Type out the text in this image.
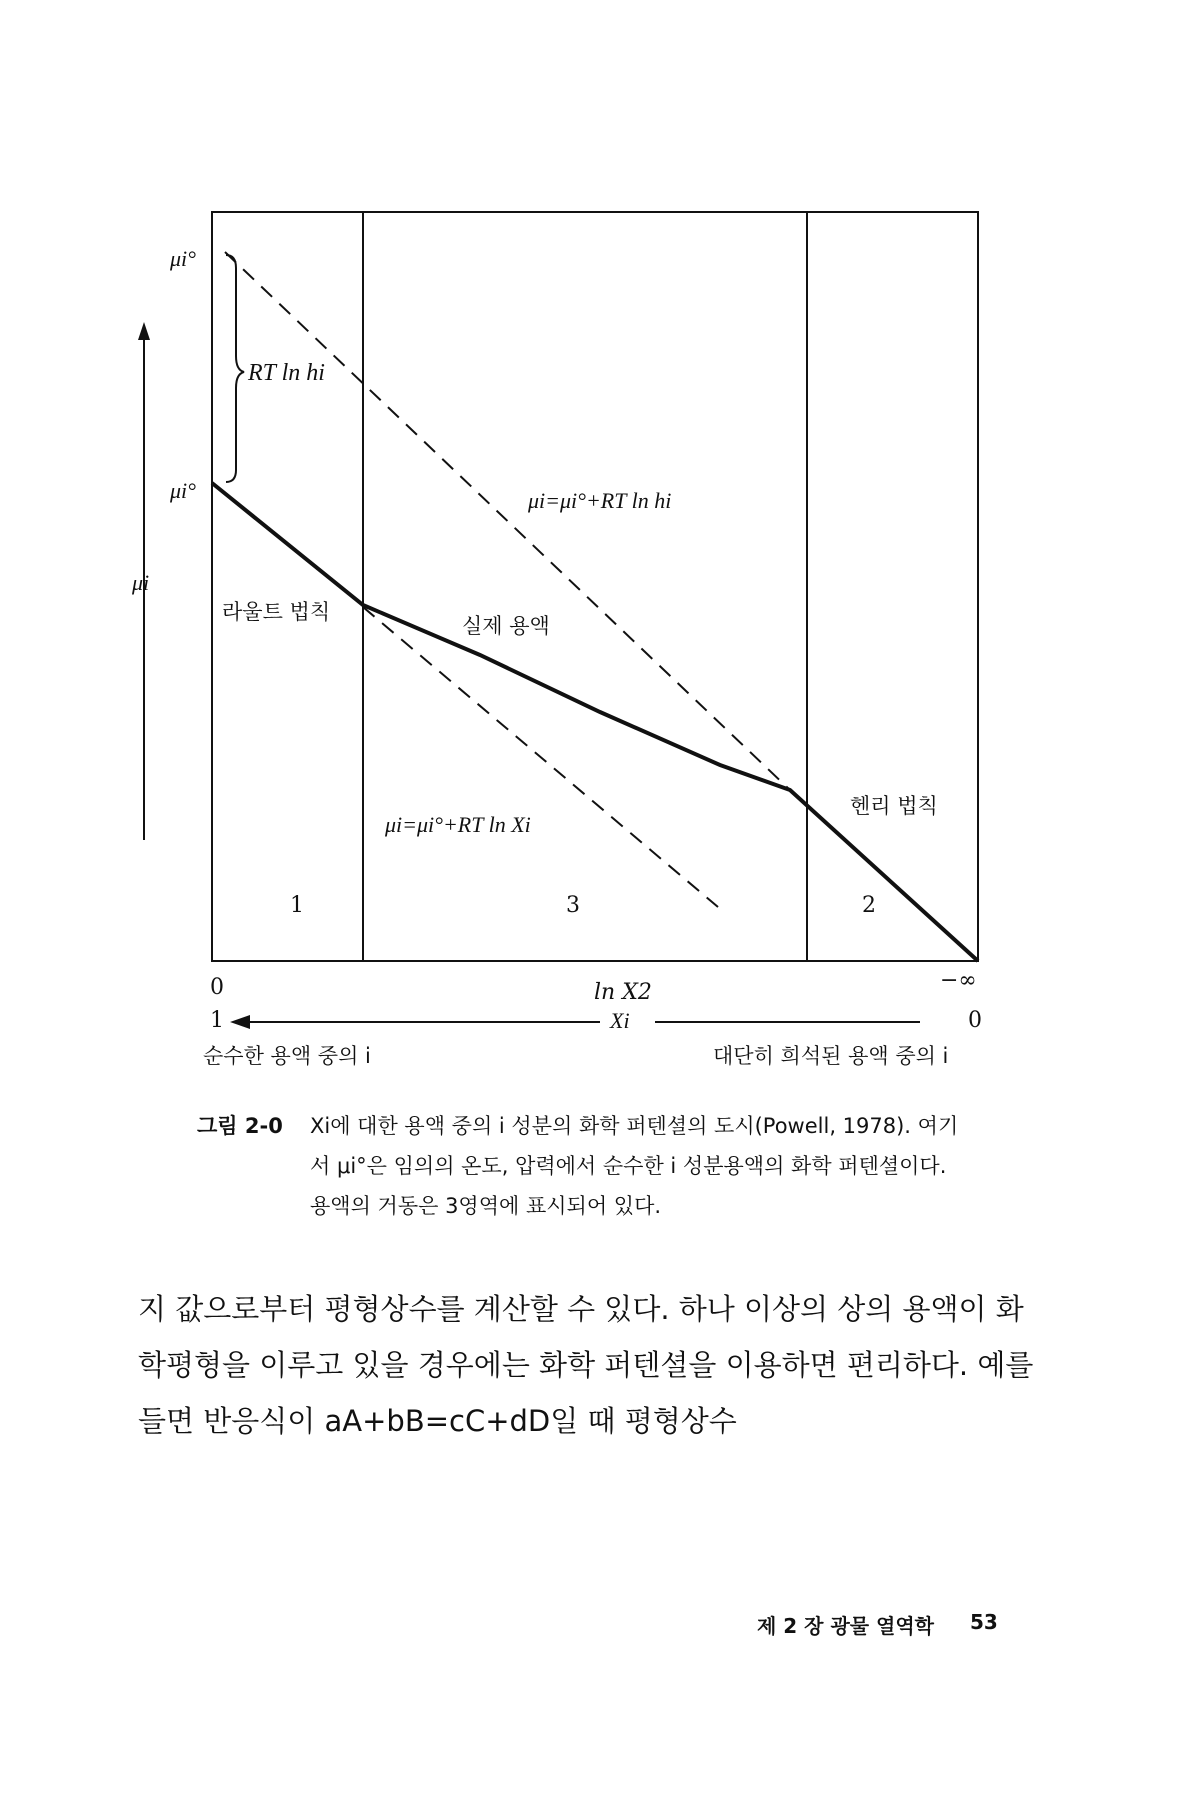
μi°
μi°
μi
RT ln hi
μi=μi°+RT ln hi
라울트 법칙
실제 용액
헨리 법칙
μi=μi°+RT ln Xi
1	3	2
0	ln X2	−∞
1	Xi	0
순수한 용액 중의 i	대단히 희석된 용액 중의 i
그림 2-0 Xi에 대한 용액 중의 i 성분의 화학 퍼텐셜의 도시(Powell, 1978). 여기
서 μi°은 임의의 온도, 압력에서 순수한 i 성분용액의 화학 퍼텐셜이다.
용액의 거동은 3영역에 표시되어 있다.
지 값으로부터 평형상수를 계산할 수 있다. 하나 이상의 상의 용액이 화
학평형을 이루고 있을 경우에는 화학 퍼텐셜을 이용하면 편리하다. 예를
들면 반응식이 aA+bB=cC+dD일 때 평형상수
제 2 장 광물 열역학 53
